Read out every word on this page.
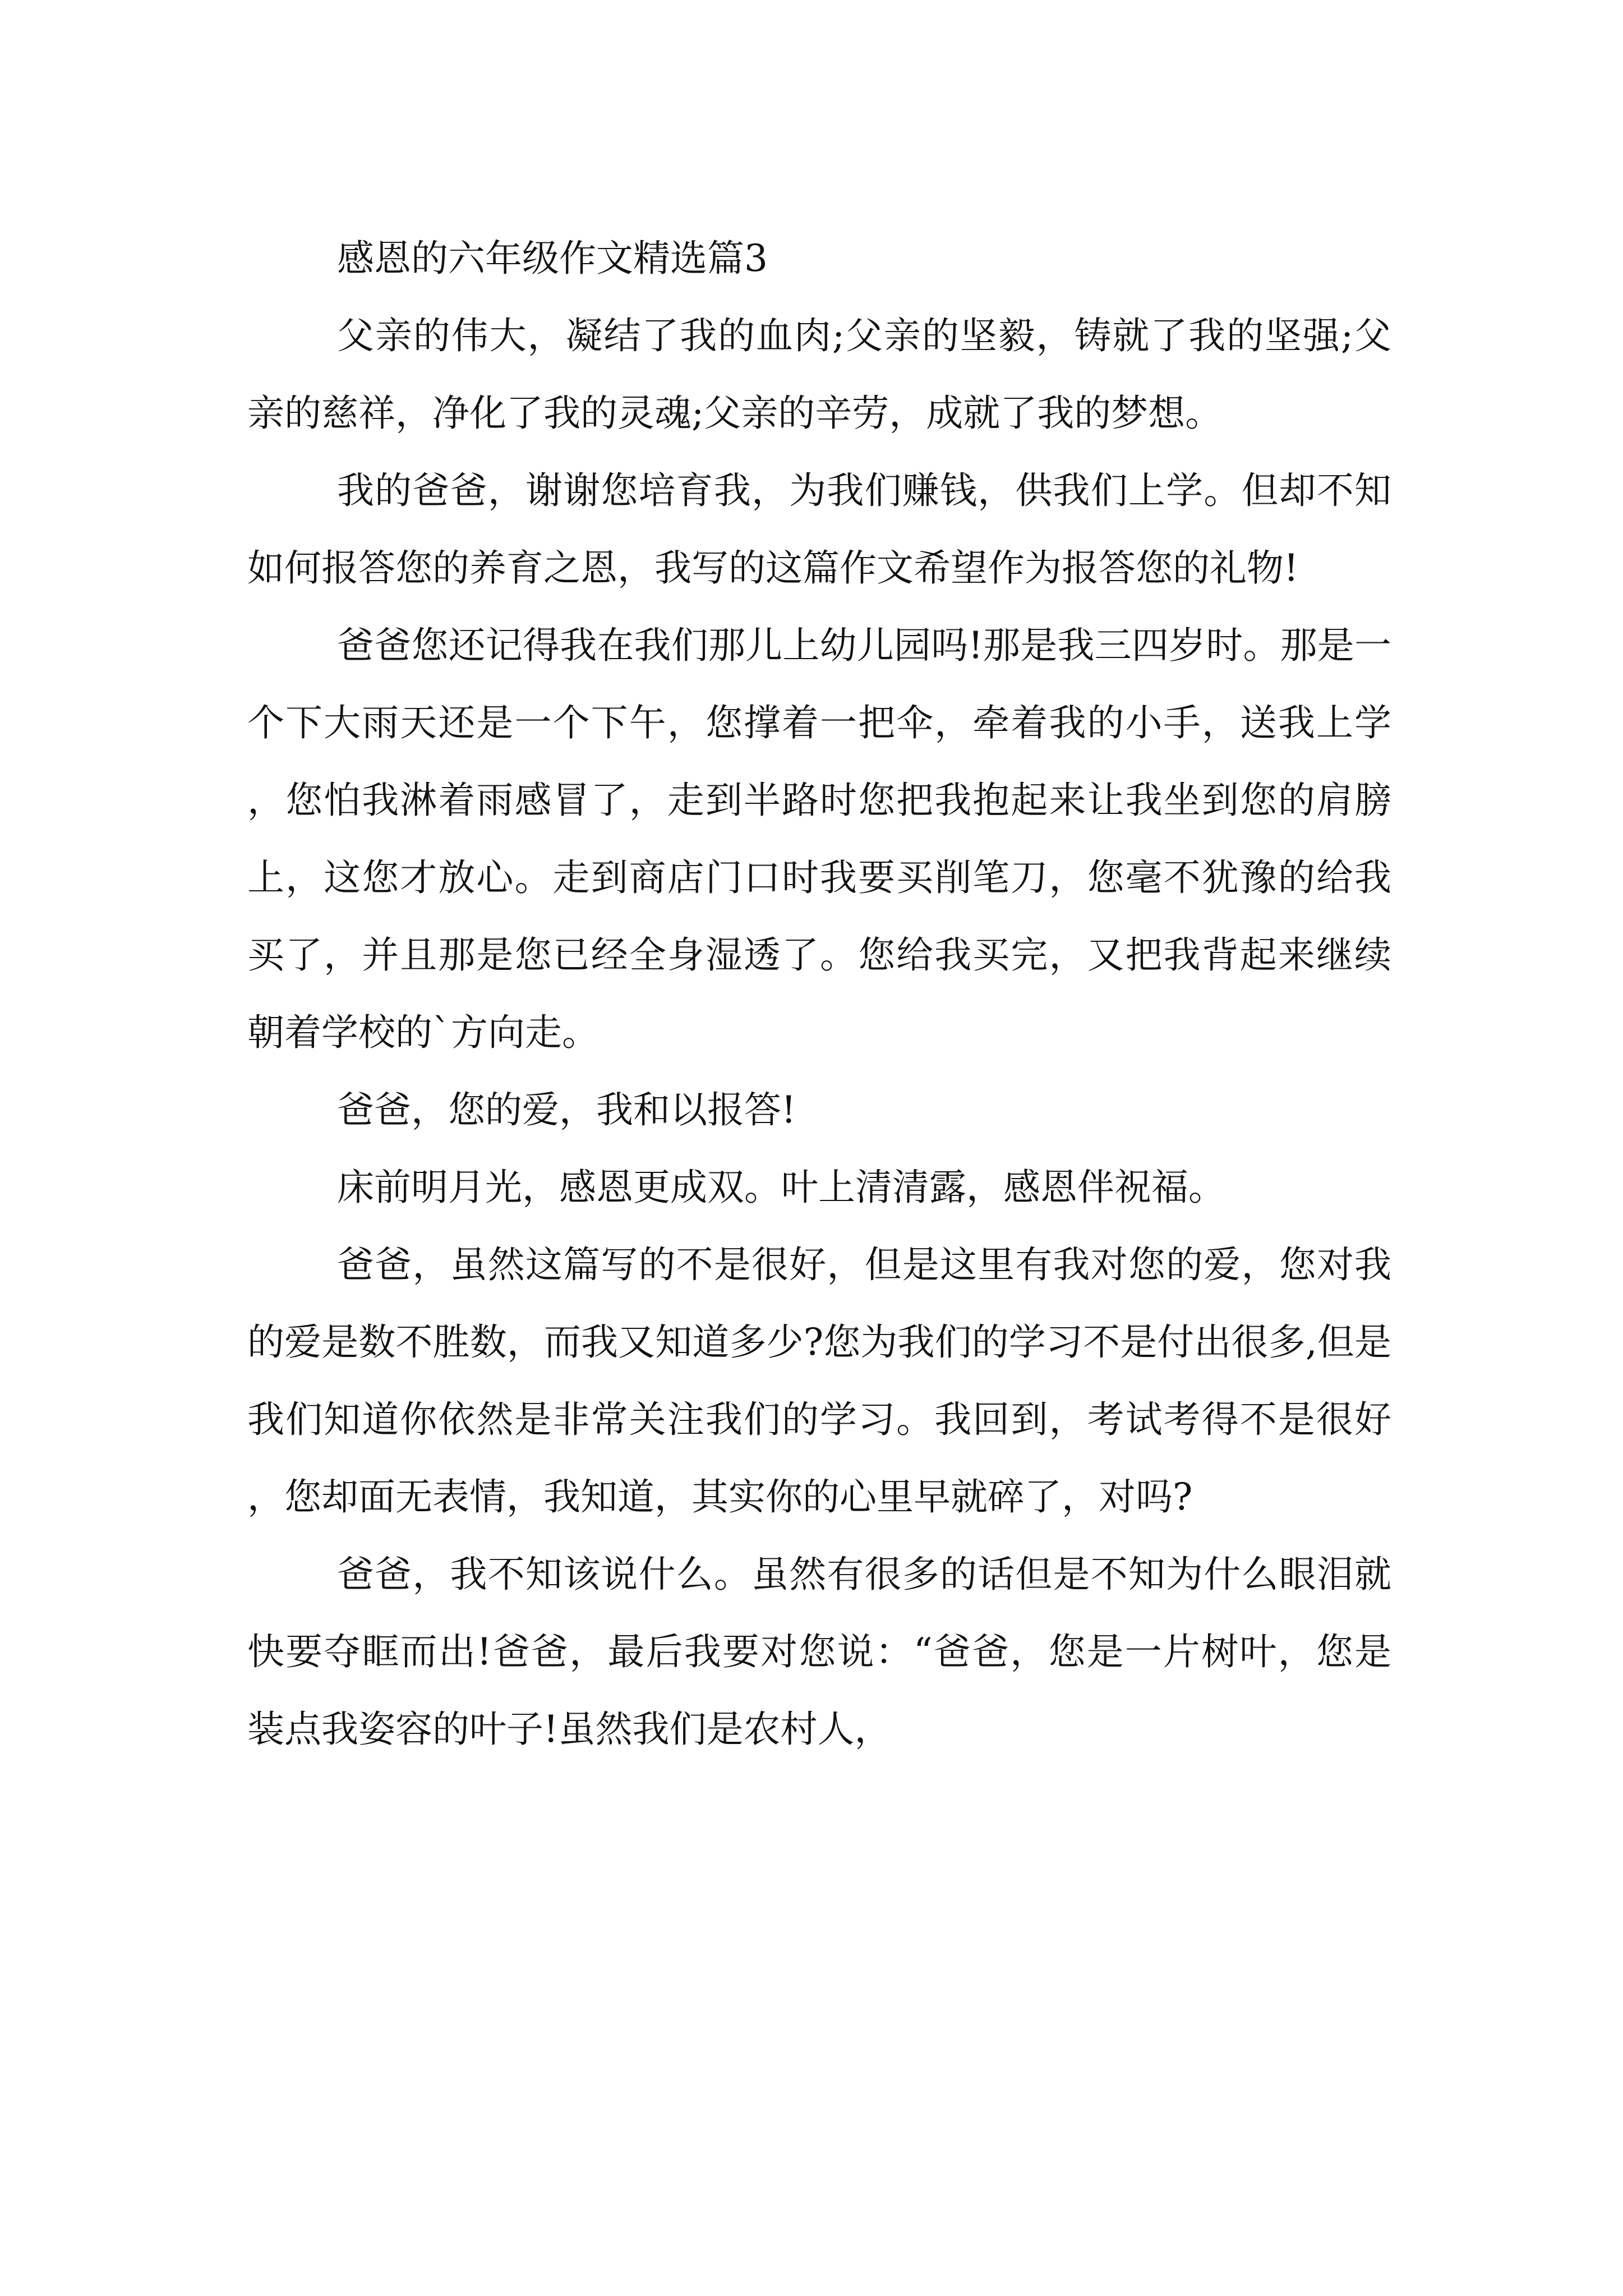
感恩的六年级作文精选篇3

父亲的伟大，凝结了我的血肉;父亲的坚毅，铸就了我的坚强;父亲的慈祥，净化了我的灵魂;父亲的辛劳，成就了我的梦想。

我的爸爸，谢谢您培育我，为我们赚钱，供我们上学。但却不知如何报答您的养育之恩，我写的这篇作文希望作为报答您的礼物!

爸爸您还记得我在我们那儿上幼儿园吗!那是我三四岁时。那是一个下大雨天还是一个下午，您撑着一把伞，牵着我的小手，送我上学，您怕我淋着雨感冒了，走到半路时您把我抱起来让我坐到您的肩膀上，这您才放心。走到商店门口时我要买削笔刀，您毫不犹豫的给我买了，并且那是您已经全身湿透了。您给我买完，又把我背起来继续朝着学校的`方向走。

爸爸，您的爱，我和以报答!

床前明月光，感恩更成双。叶上清清露，感恩伴祝福。

爸爸，虽然这篇写的不是很好，但是这里有我对您的爱，您对我的爱是数不胜数，而我又知道多少?您为我们的学习不是付出很多,但是我们知道你依然是非常关注我们的学习。我回到，考试考得不是很好，您却面无表情，我知道，其实你的心里早就碎了，对吗?

爸爸，我不知该说什么。虽然有很多的话但是不知为什么眼泪就快要夺眶而出!爸爸，最后我要对您说：“爸爸，您是一片树叶，您是装点我姿容的叶子!虽然我们是农村人，
